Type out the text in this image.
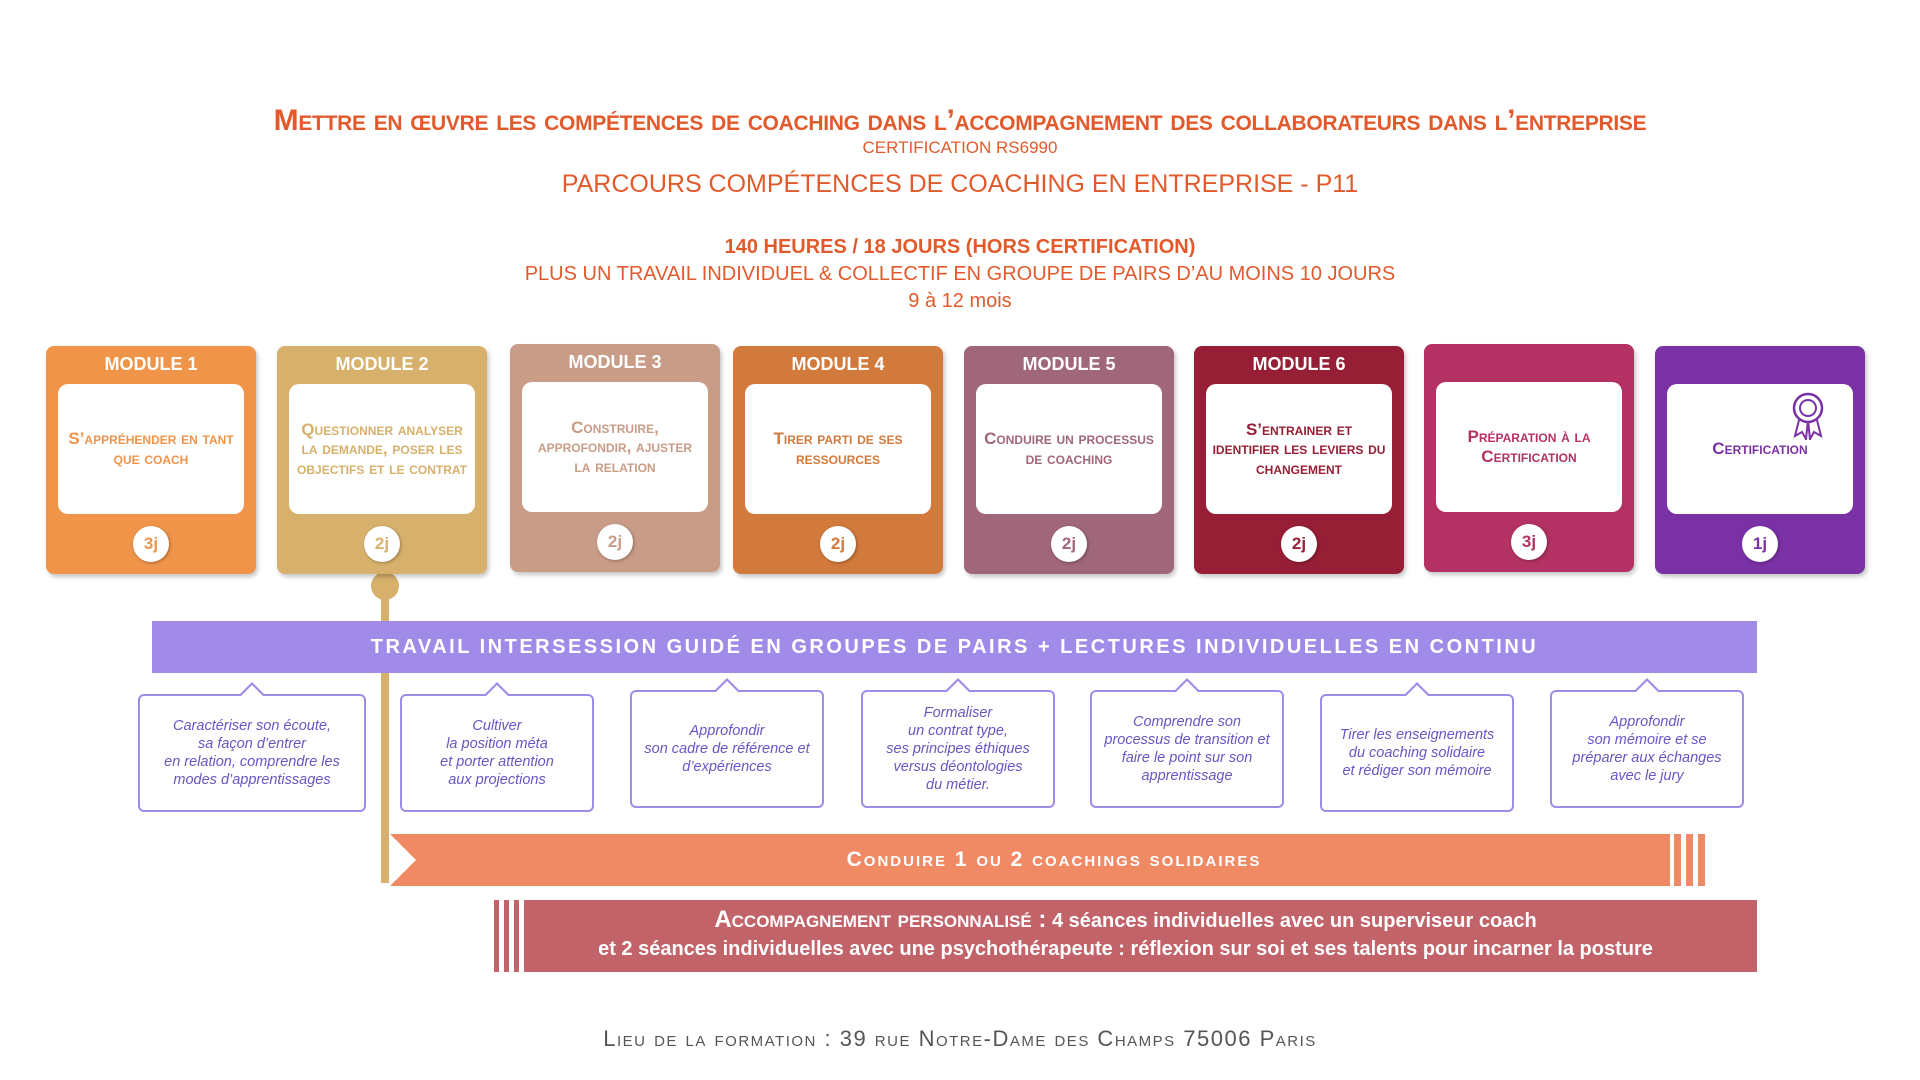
Mettre en œuvre les compétences de coaching dans l’accompagnement des collaborateurs dans l’entreprise
CERTIFICATION RS6990
PARCOURS COMPÉTENCES DE COACHING EN ENTREPRISE - P11
140 HEURES / 18 JOURS (HORS CERTIFICATION)
PLUS UN TRAVAIL INDIVIDUEL & COLLECTIF EN GROUPE DE PAIRS D’AU MOINS 10 JOURS
9 à 12 mois
MODULE 1
S’appréhender en tant que coach
3j
MODULE 2
Questionner analyser la demande, poser les objectifs et le contrat
2j
MODULE 3
Construire, approfondir, ajuster la relation
2j
MODULE 4
Tirer parti de ses ressources
2j
MODULE 5
Conduire un processus de coaching
2j
MODULE 6
S’entrainer et identifier les leviers du changement
2j
Préparation à la Certification
3j
Certification
1j
TRAVAIL INTERSESSION GUIDÉ EN GROUPES DE PAIRS + LECTURES INDIVIDUELLES EN CONTINU
Caractériser son écoute,
sa façon d’entrer
en relation, comprendre les
modes d’apprentissages
Cultiver
la position méta
et porter attention
aux projections
Approfondir
son cadre de référence et
d’expériences
Formaliser
un contrat type,
ses principes éthiques
versus déontologies
du métier.
Comprendre son
processus de transition et
faire le point sur son
apprentissage
Tirer les enseignements
du coaching solidaire
et rédiger son mémoire
Approfondir
son mémoire et se
préparer aux échanges
avec le jury
Conduire 1 ou 2 coachings solidaires
Accompagnement personnalisé : 4 séances individuelles avec un superviseur coach
et 2 séances individuelles avec une psychothérapeute : réflexion sur soi et ses talents pour incarner la posture
Lieu de la formation : 39 rue Notre-Dame des Champs 75006 Paris
